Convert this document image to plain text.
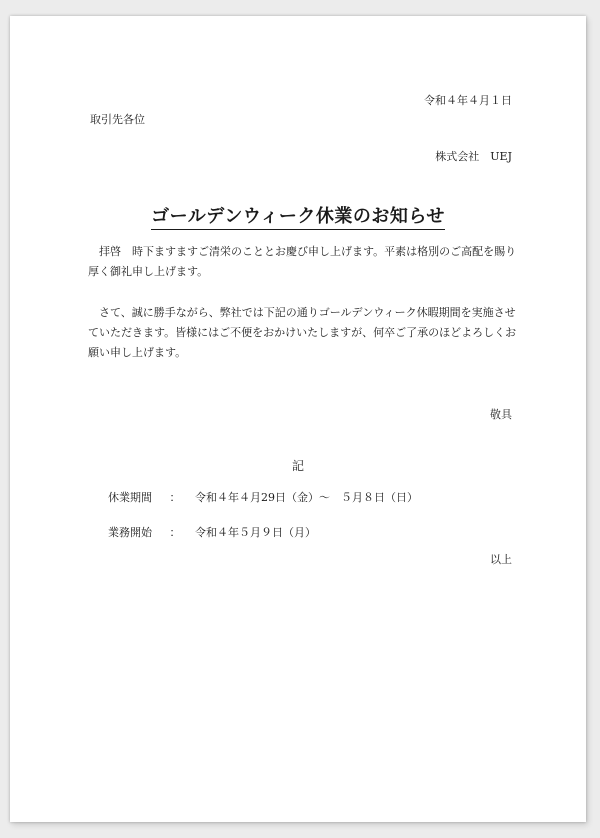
令和４年４月１日

取引先各位

株式会社　UEJ

ゴールデンウィーク休業のお知らせ

拝啓　時下ますますご清栄のこととお慶び申し上げます。平素は格別のご高配を賜り厚く御礼申し上げます。

さて、誠に勝手ながら、弊社では下記の通りゴールデンウィーク休暇期間を実施させていただきます。皆様にはご不便をおかけいたしますが、何卒ご了承のほどよろしくお願い申し上げます。

敬具

記

休業期間 ： 令和４年４月29日（金）～　５月８日（日）
業務開始 ： 令和４年５月９日（月）

以上
